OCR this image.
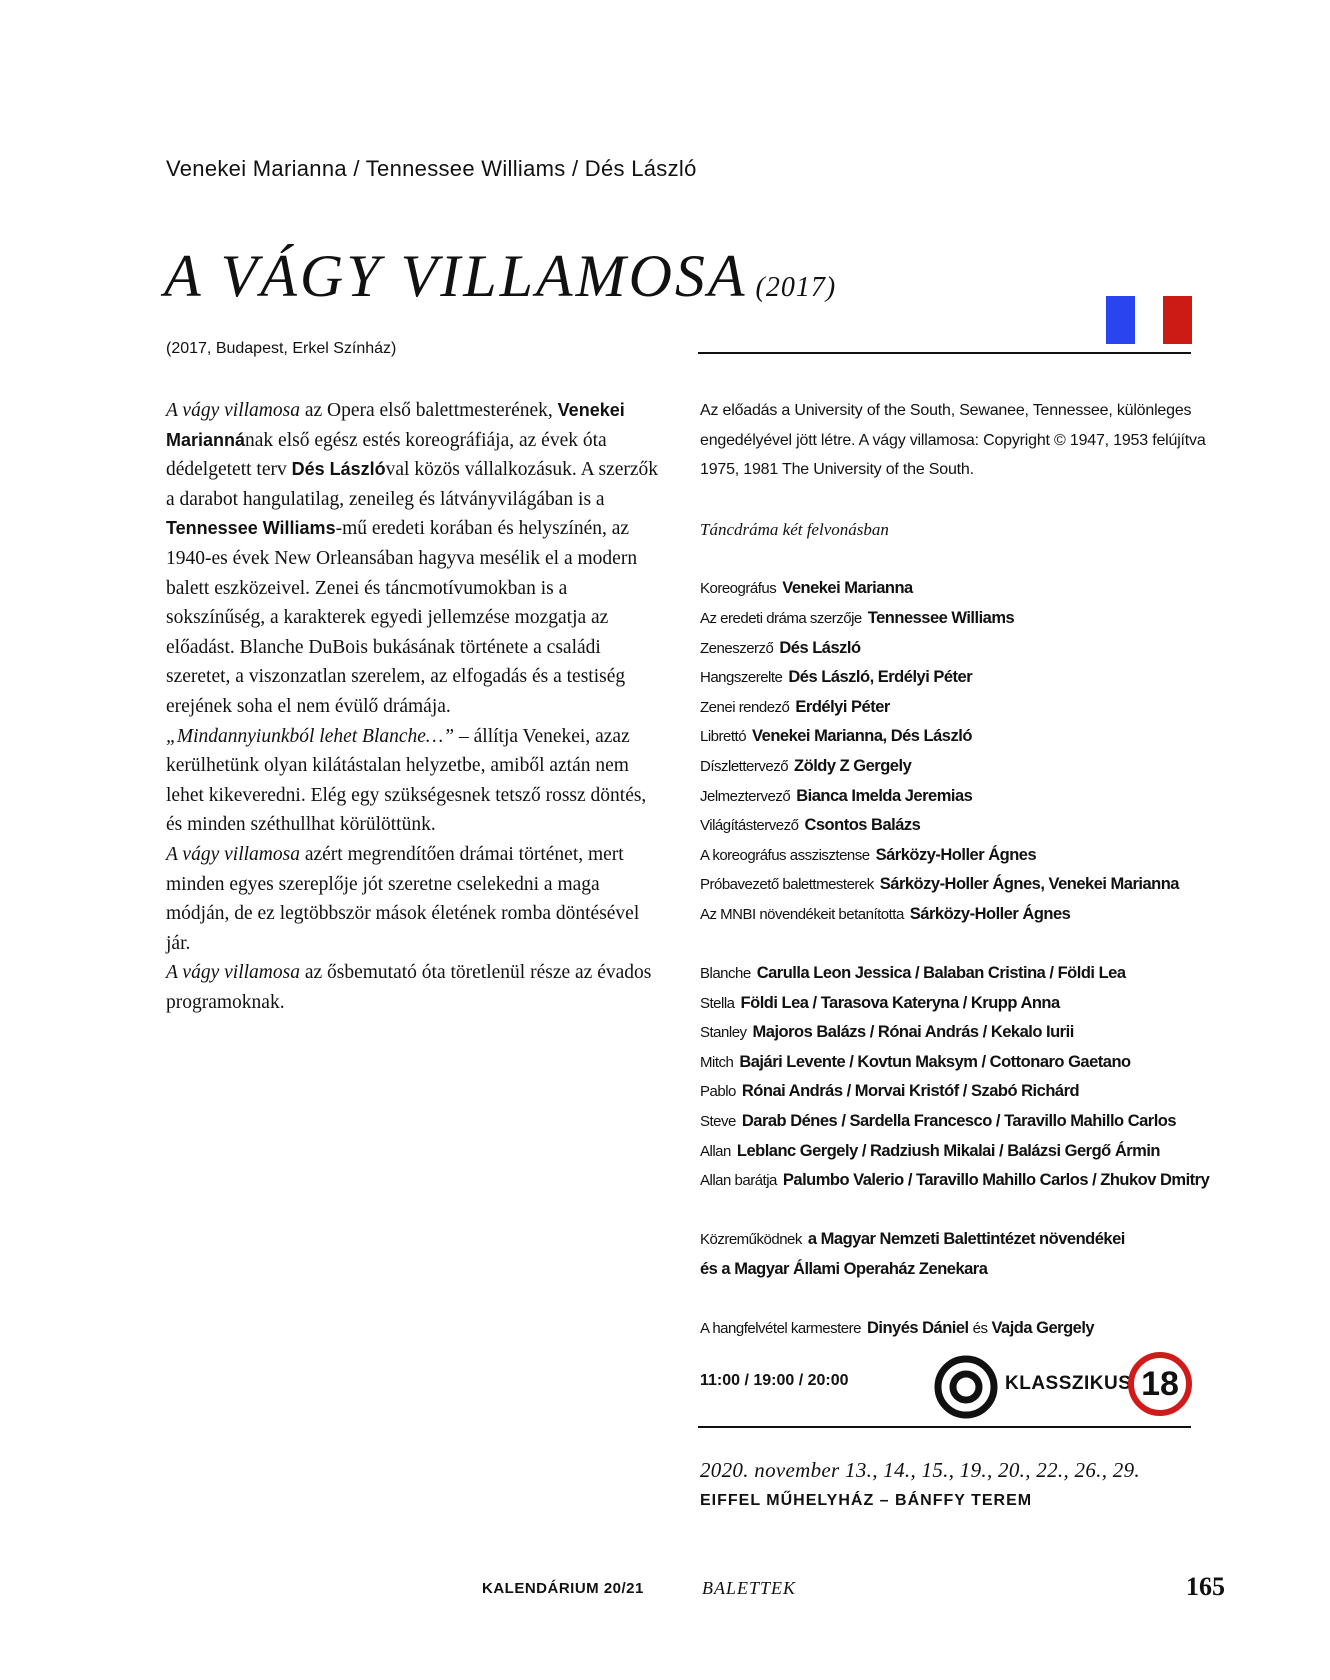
Venekei Marianna / Tennessee Williams / Dés László
A VÁGY VILLAMOSA (2017)
(2017, Budapest, Erkel Színház)

A vágy villamosa az Opera első balettmesterének, Venekei Mariannának első egész estés koreográfiája, az évek óta dédelgetett terv Dés Lászlóval közös vállalkozásuk. A szerzők a darabot hangulatilag, zeneileg és látványvilágában is a Tennessee Williams-mű eredeti korában és helyszínén, az 1940-es évek New Orleansában hagyva mesélik el a modern balett eszközeivel. Zenei és táncmotívumokban is a sokszínűség, a karakterek egyedi jellemzése mozgatja az előadást. Blanche DuBois bukásának története a családi szeretet, a viszonzatlan szerelem, az elfogadás és a testiség erejének soha el nem évülő drámája.
„Mindannyiunkból lehet Blanche…” – állítja Venekei, azaz kerülhetünk olyan kilátástalan helyzetbe, amiből aztán nem lehet kikeveredni. Elég egy szükségesnek tetsző rossz döntés, és minden széthullhat körülöttünk.
A vágy villamosa azért megrendítően drámai történet, mert minden egyes szereplője jót szeretne cselekedni a maga módján, de ez legtöbbször mások életének romba döntésével jár.
A vágy villamosa az ősbemutató óta töretlenül része az évados programoknak.

Az előadás a University of the South, Sewanee, Tennessee, különleges engedélyével jött létre. A vágy villamosa: Copyright © 1947, 1953 felújítva 1975, 1981 The University of the South.
Táncdráma két felvonásban
Koreográfus Venekei Marianna
Az eredeti dráma szerzője Tennessee Williams
Zeneszerző Dés László
Hangszerelte Dés László, Erdélyi Péter
Zenei rendező Erdélyi Péter
Librettó Venekei Marianna, Dés László
Díszlettervező Zöldy Z Gergely
Jelmeztervező Bianca Imelda Jeremias
Világítástervező Csontos Balázs
A koreográfus asszisztense Sárközy-Holler Ágnes
Próbavezető balettmesterek Sárközy-Holler Ágnes, Venekei Marianna
Az MNBI növendékeit betanította Sárközy-Holler Ágnes
Blanche Carulla Leon Jessica / Balaban Cristina / Földi Lea
Stella Földi Lea / Tarasova Kateryna / Krupp Anna
Stanley Majoros Balázs / Rónai András / Kekalo Iurii
Mitch Bajári Levente / Kovtun Maksym / Cottonaro Gaetano
Pablo Rónai András / Morvai Kristóf / Szabó Richárd
Steve Darab Dénes / Sardella Francesco / Taravillo Mahillo Carlos
Allan Leblanc Gergely / Radziush Mikalai / Balázsi Gergő Ármin
Allan barátja Palumbo Valerio / Taravillo Mahillo Carlos / Zhukov Dmitry
Közreműködnek a Magyar Nemzeti Balettintézet növendékei
és a Magyar Állami Operaház Zenekara
A hangfelvétel karmestere Dinyés Dániel és Vajda Gergely
11:00 / 19:00 / 20:00	KLASSZIKUS 18
2020. november 13., 14., 15., 19., 20., 22., 26., 29.
EIFFEL MŰHELYHÁZ – BÁNFFY TEREM
KALENDÁRIUM 20/21	BALETTEK	165
